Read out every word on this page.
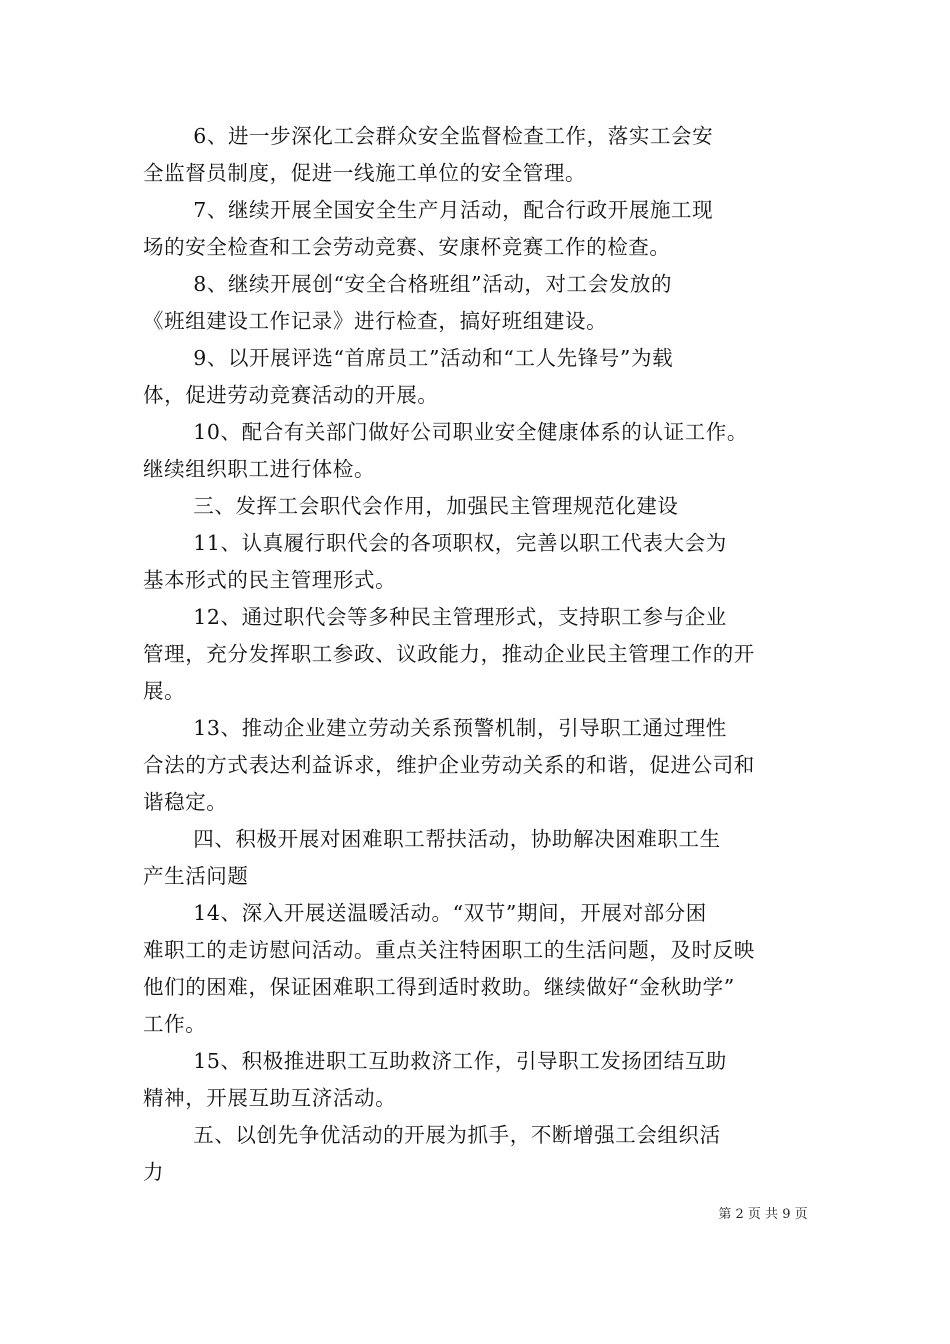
6、进一步深化工会群众安全监督检查工作，落实工会安
全监督员制度，促进一线施工单位的安全管理。

7、继续开展全国安全生产月活动，配合行政开展施工现
场的安全检查和工会劳动竞赛、安康杯竞赛工作的检查。

8、继续开展创“安全合格班组”活动，对工会发放的
《班组建设工作记录》进行检查，搞好班组建设。

9、以开展评选“首席员工”活动和“工人先锋号”为载
体，促进劳动竞赛活动的开展。

10、配合有关部门做好公司职业安全健康体系的认证工作。
继续组织职工进行体检。

三、发挥工会职代会作用，加强民主管理规范化建设

11、认真履行职代会的各项职权，完善以职工代表大会为
基本形式的民主管理形式。

12、通过职代会等多种民主管理形式，支持职工参与企业
管理，充分发挥职工参政、议政能力，推动企业民主管理工作的开
展。

13、推动企业建立劳动关系预警机制，引导职工通过理性
合法的方式表达利益诉求，维护企业劳动关系的和谐，促进公司和
谐稳定。

四、积极开展对困难职工帮扶活动，协助解决困难职工生
产生活问题

14、深入开展送温暖活动。“双节”期间，开展对部分困
难职工的走访慰问活动。重点关注特困职工的生活问题，及时反映
他们的困难，保证困难职工得到适时救助。继续做好“金秋助学”
工作。

15、积极推进职工互助救济工作，引导职工发扬团结互助
精神，开展互助互济活动。

五、以创先争优活动的开展为抓手，不断增强工会组织活
力

第 2 页 共 9 页
